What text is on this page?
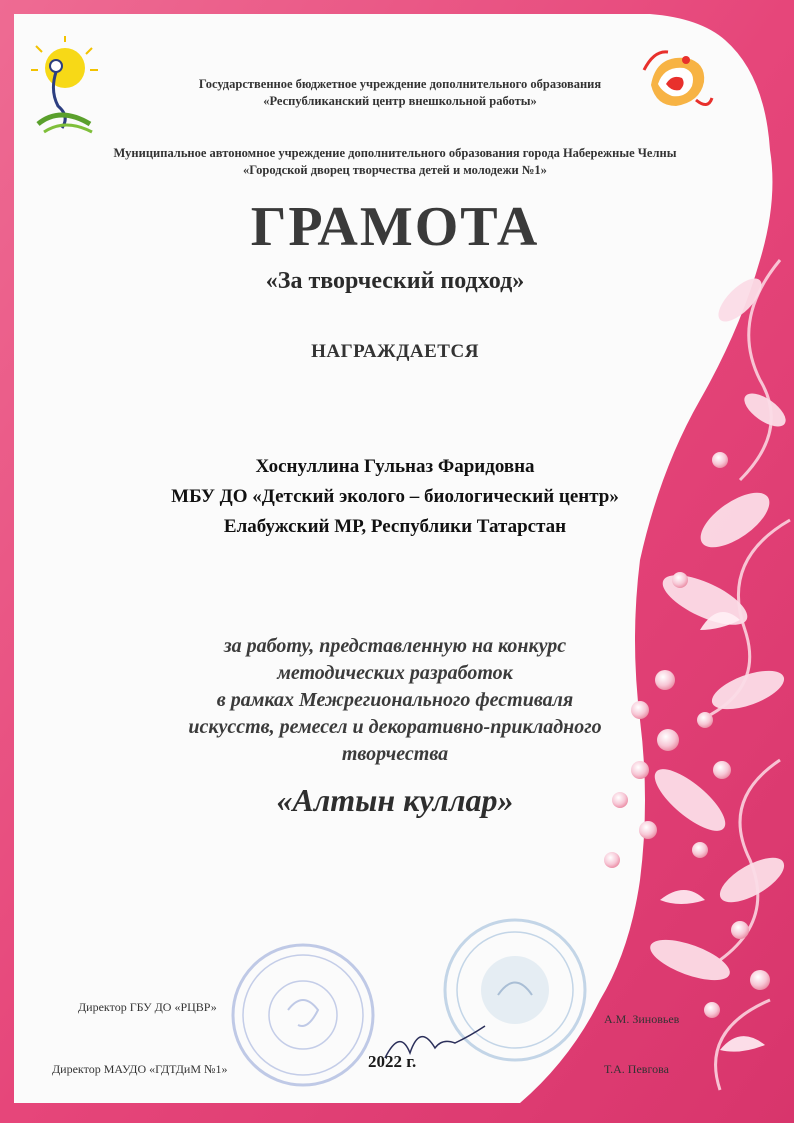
Государственное бюджетное учреждение дополнительного образования
«Республиканский центр внешкольной работы»
Муниципальное автономное учреждение дополнительного образования города Набережные Челны
«Городской дворец творчества детей и молодежи №1»
ГРАМОТА
«За творческий подход»
НАГРАЖДАЕТСЯ
Хоснуллина Гульназ Фаридовна
МБУ ДО «Детский эколого – биологический центр»
Елабужский МР, Республики Татарстан
за работу, представленную на конкурс
методических разработок
в рамках Межрегионального фестиваля
искусств, ремесел и декоративно-прикладного
творчества
«Алтын куллар»
Директор ГБУ ДО «РЦВР»
А.М. Зиновьев
Директор МАУДО «ГДТДиМ №1»	Т.А. Певгова
2022 г.
